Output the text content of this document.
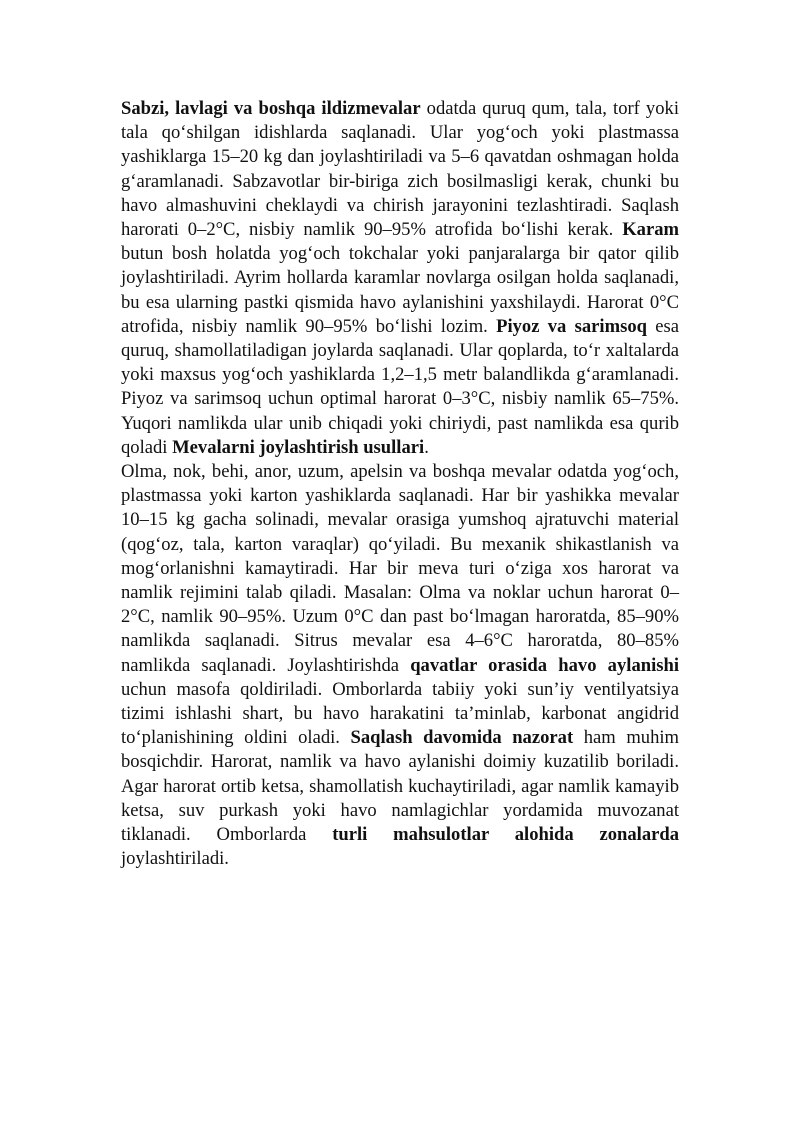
Sabzi, lavlagi va boshqa ildizmevalar odatda quruq qum, tala, torf yoki tala qo‘shilgan idishlarda saqlanadi. Ular yog‘och yoki plastmassa yashiklarga 15–20 kg dan joylashtiriladi va 5–6 qavatdan oshmagan holda g‘aramlanadi. Sabzavotlar bir-biriga zich bosilmasligi kerak, chunki bu havo almashuvini cheklaydi va chirish jarayonini tezlashtiradi. Saqlash harorati 0–2°C, nisbiy namlik 90–95% atrofida bo‘lishi kerak. Karam butun bosh holatda yog‘och tokchalar yoki panjaralarga bir qator qilib joylashtiriladi. Ayrim hollarda karamlar novlarga osilgan holda saqlanadi, bu esa ularning pastki qismida havo aylanishini yaxshilaydi. Harorat 0°C atrofida, nisbiy namlik 90–95% bo‘lishi lozim. Piyoz va sarimsoq esa quruq, shamollatiladigan joylarda saqlanadi. Ular qoplarda, to‘r xaltalarda yoki maxsus yog‘och yashiklarda 1,2–1,5 metr balandlikda g‘aramlanadi. Piyoz va sarimsoq uchun optimal harorat 0–3°C, nisbiy namlik 65–75%. Yuqori namlikda ular unib chiqadi yoki chiriydi, past namlikda esa qurib qoladi Mevalarni joylashtirish usullari.

Olma, nok, behi, anor, uzum, apelsin va boshqa mevalar odatda yog‘och, plastmassa yoki karton yashiklarda saqlanadi. Har bir yashikka mevalar 10–15 kg gacha solinadi, mevalar orasiga yumshoq ajratuvchi material (qog‘oz, tala, karton varaqlar) qo‘yiladi. Bu mexanik shikastlanish va mog‘orlanishni kamaytiradi. Har bir meva turi o‘ziga xos harorat va namlik rejimini talab qiladi. Masalan: Olma va noklar uchun harorat 0–2°C, namlik 90–95%. Uzum 0°C dan past bo‘lmagan haroratda, 85–90% namlikda saqlanadi. Sitrus mevalar esa 4–6°C haroratda, 80–85% namlikda saqlanadi. Joylashtirishda qavatlar orasida havo aylanishi uchun masofa qoldiriladi. Omborlarda tabiiy yoki sun’iy ventilyatsiya tizimi ishlashi shart, bu havo harakatini ta’minlab, karbonat angidrid to‘planishining oldini oladi. Saqlash davomida nazorat ham muhim bosqichdir. Harorat, namlik va havo aylanishi doimiy kuzatilib boriladi. Agar harorat ortib ketsa, shamollatish kuchaytiriladi, agar namlik kamayib ketsa, suv purkash yoki havo namlagichlar yordamida muvozanat tiklanadi. Omborlarda turli mahsulotlar alohida zonalarda joylashtiriladi.
